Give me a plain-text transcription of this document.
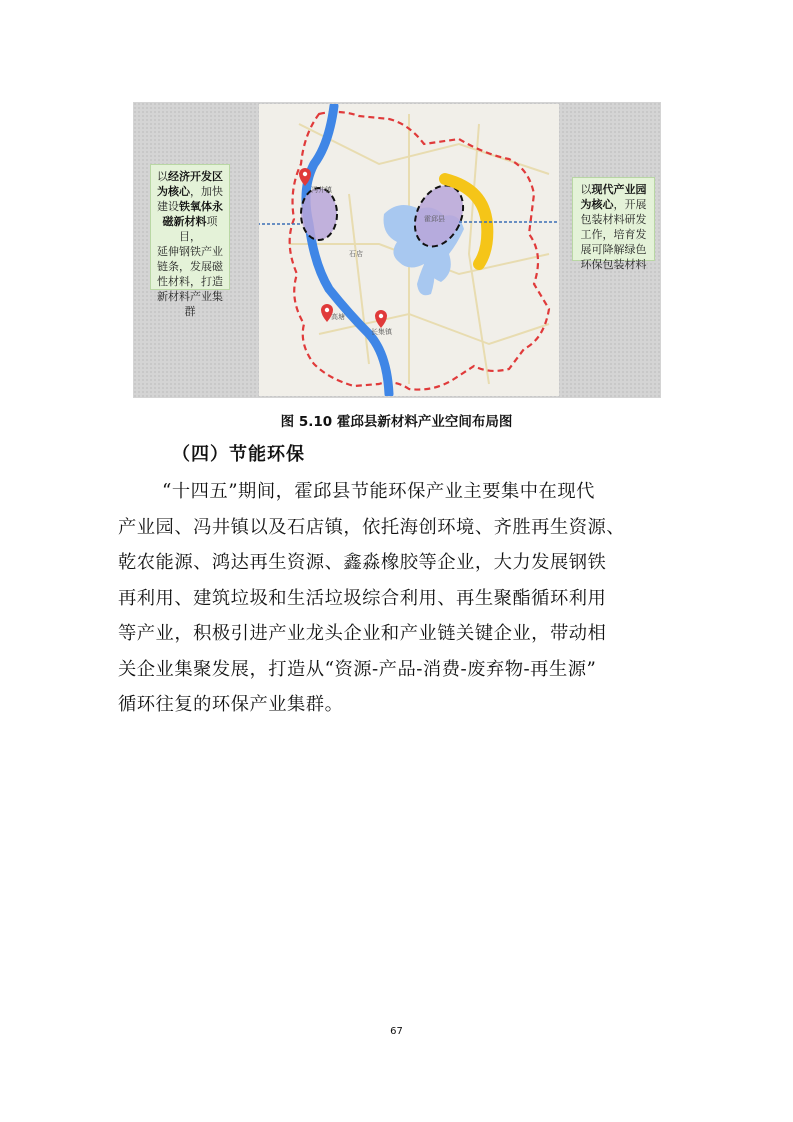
以经济开发区
为核心，加快
建设铁氧体永
磁新材料项目，
延伸钢铁产业
链条，发展磁
性材料，打造
新材料产业集
群
霍邱县
石店
冯井镇
长集镇
高塘
以现代产业园
为核心，开展
包装材料研发
工作，培育发
展可降解绿色
环保包装材料
图 5.10 霍邱县新材料产业空间布局图
（四）节能环保
“十四五”期间，霍邱县节能环保产业主要集中在现代
产业园、冯井镇以及石店镇，依托海创环境、齐胜再生资源、
乾农能源、鸿达再生资源、鑫淼橡胶等企业，大力发展钢铁
再利用、建筑垃圾和生活垃圾综合利用、再生聚酯循环利用
等产业，积极引进产业龙头企业和产业链关键企业，带动相
关企业集聚发展，打造从“资源-产品-消费-废弃物-再生源”
循环往复的环保产业集群。
67
